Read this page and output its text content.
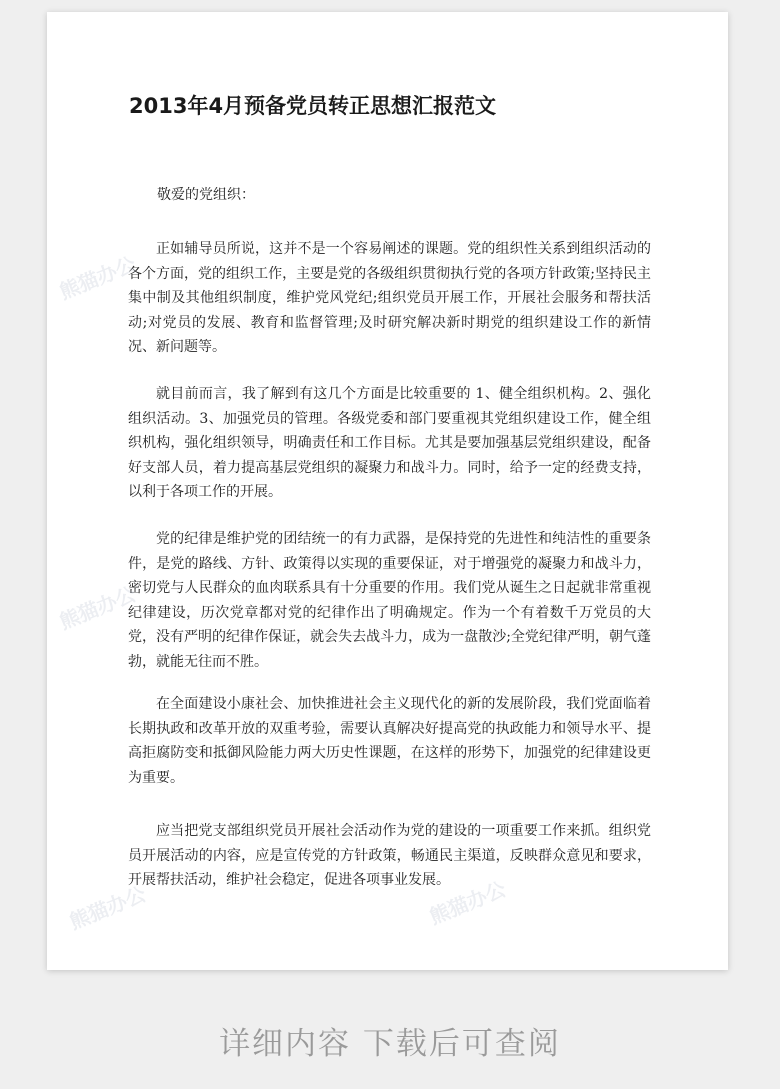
2013年4月预备党员转正思想汇报范文

敬爱的党组织：

正如辅导员所说，这并不是一个容易阐述的课题。党的组织性关系到组织活动的各个方面，党的组织工作，主要是党的各级组织贯彻执行党的各项方针政策;坚持民主集中制及其他组织制度，维护党风党纪;组织党员开展工作，开展社会服务和帮扶活动;对党员的发展、教育和监督管理;及时研究解决新时期党的组织建设工作的新情况、新问题等。

就目前而言，我了解到有这几个方面是比较重要的 1、健全组织机构。2、强化组织活动。3、加强党员的管理。各级党委和部门要重视其党组织建设工作，健全组织机构，强化组织领导，明确责任和工作目标。尤其是要加强基层党组织建设，配备好支部人员，着力提高基层党组织的凝聚力和战斗力。同时，给予一定的经费支持，以利于各项工作的开展。

党的纪律是维护党的团结统一的有力武器，是保持党的先进性和纯洁性的重要条件，是党的路线、方针、政策得以实现的重要保证，对于增强党的凝聚力和战斗力，密切党与人民群众的血肉联系具有十分重要的作用。我们党从诞生之日起就非常重视纪律建设，历次党章都对党的纪律作出了明确规定。作为一个有着数千万党员的大党，没有严明的纪律作保证，就会失去战斗力，成为一盘散沙;全党纪律严明，朝气蓬勃，就能无往而不胜。

在全面建设小康社会、加快推进社会主义现代化的新的发展阶段，我们党面临着长期执政和改革开放的双重考验，需要认真解决好提高党的执政能力和领导水平、提高拒腐防变和抵御风险能力两大历史性课题，在这样的形势下，加强党的纪律建设更为重要。

应当把党支部组织党员开展社会活动作为党的建设的一项重要工作来抓。组织党员开展活动的内容，应是宣传党的方针政策，畅通民主渠道，反映群众意见和要求，开展帮扶活动，维护社会稳定，促进各项事业发展。

熊猫办公
熊猫办公
熊猫办公	熊猫办公

详细内容 下载后可查阅
